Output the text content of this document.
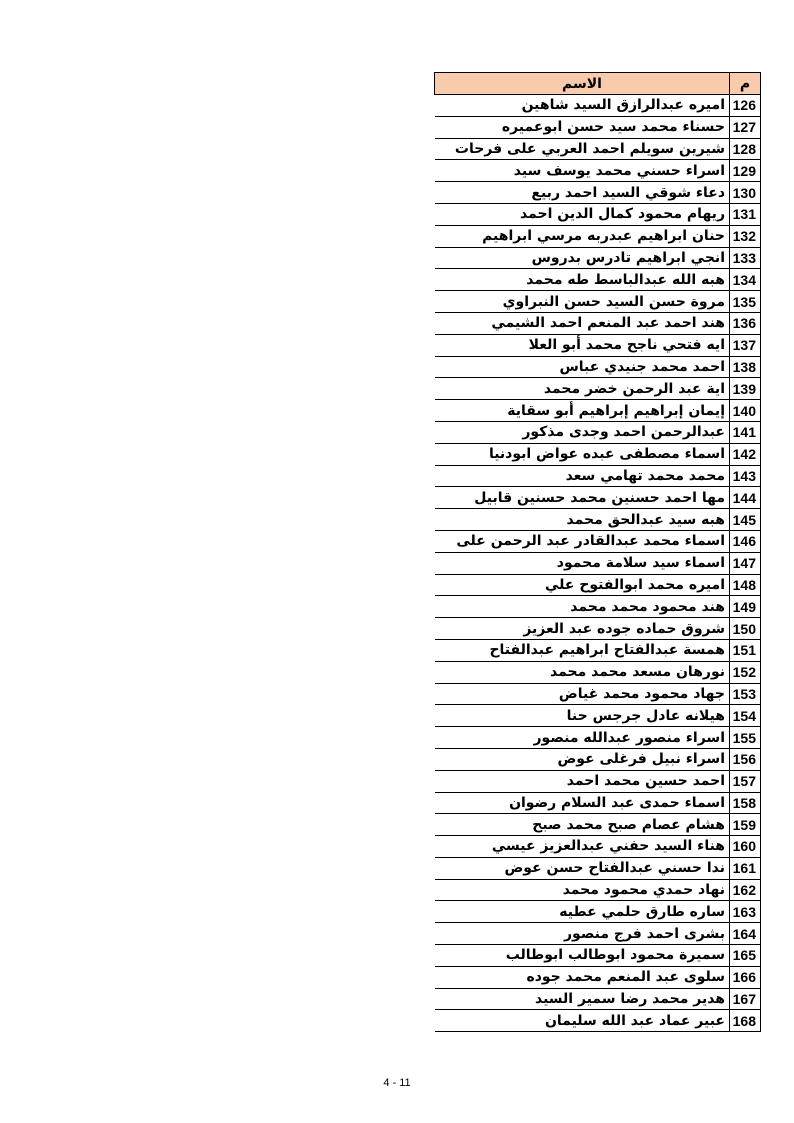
م	الاسم
126	اميره عبدالرازق السيد شاهين
127	حسناء محمد سيد حسن ابوعميره
128	شيرين سويلم احمد العربي على فرحات
129	اسراء حسني محمد يوسف سيد
130	دعاء شوقي السيد احمد ربيع
131	ريهام محمود كمال الدين احمد
132	حنان ابراهيم عبدربه مرسي ابراهيم
133	انجي ابراهيم تادرس بدروس
134	هبه الله عبدالباسط طه محمد
135	مروة حسن السيد حسن النبراوي
136	هند احمد عبد المنعم احمد الشيمي
137	ايه فتحي ناجح محمد أبو العلا
138	احمد محمد جنيدي عباس
139	اية عبد الرحمن خضر محمد
140	إيمان إبراهيم إبراهيم أبو سقاية
141	عبدالرحمن احمد وجدى مذكور
142	اسماء مصطفى عبده عواض ابودنيا
143	محمد محمد تهامي سعد
144	مها احمد حسنين محمد حسنين قابيل
145	هبه سيد عبدالحق محمد
146	اسماء محمد عبدالقادر عبد الرحمن على
147	اسماء سيد سلامة محمود
148	اميره محمد ابوالفتوح علي
149	هند محمود محمد محمد
150	شروق حماده جوده عبد العزيز
151	همسة عبدالفتاح ابراهيم عبدالفتاح
152	نورهان مسعد محمد محمد
153	جهاد محمود محمد غياض
154	هيلانه عادل جرجس حنا
155	اسراء منصور عبدالله منصور
156	اسراء نبيل فرغلى عوض
157	احمد حسين محمد احمد
158	اسماء حمدى عبد السلام رضوان
159	هشام عصام صبح محمد صبح
160	هناء السيد حفني عبدالعزيز عيسي
161	ندا حسني عبدالفتاح حسن عوض
162	نهاد حمدي محمود محمد
163	ساره طارق حلمي عطيه
164	بشرى احمد فرج منصور
165	سميرة محمود ابوطالب ابوطالب
166	سلوى عبد المنعم محمد جوده
167	هدير محمد رضا سمير السيد
168	عبير عماد عبد الله سليمان
4 - 11
